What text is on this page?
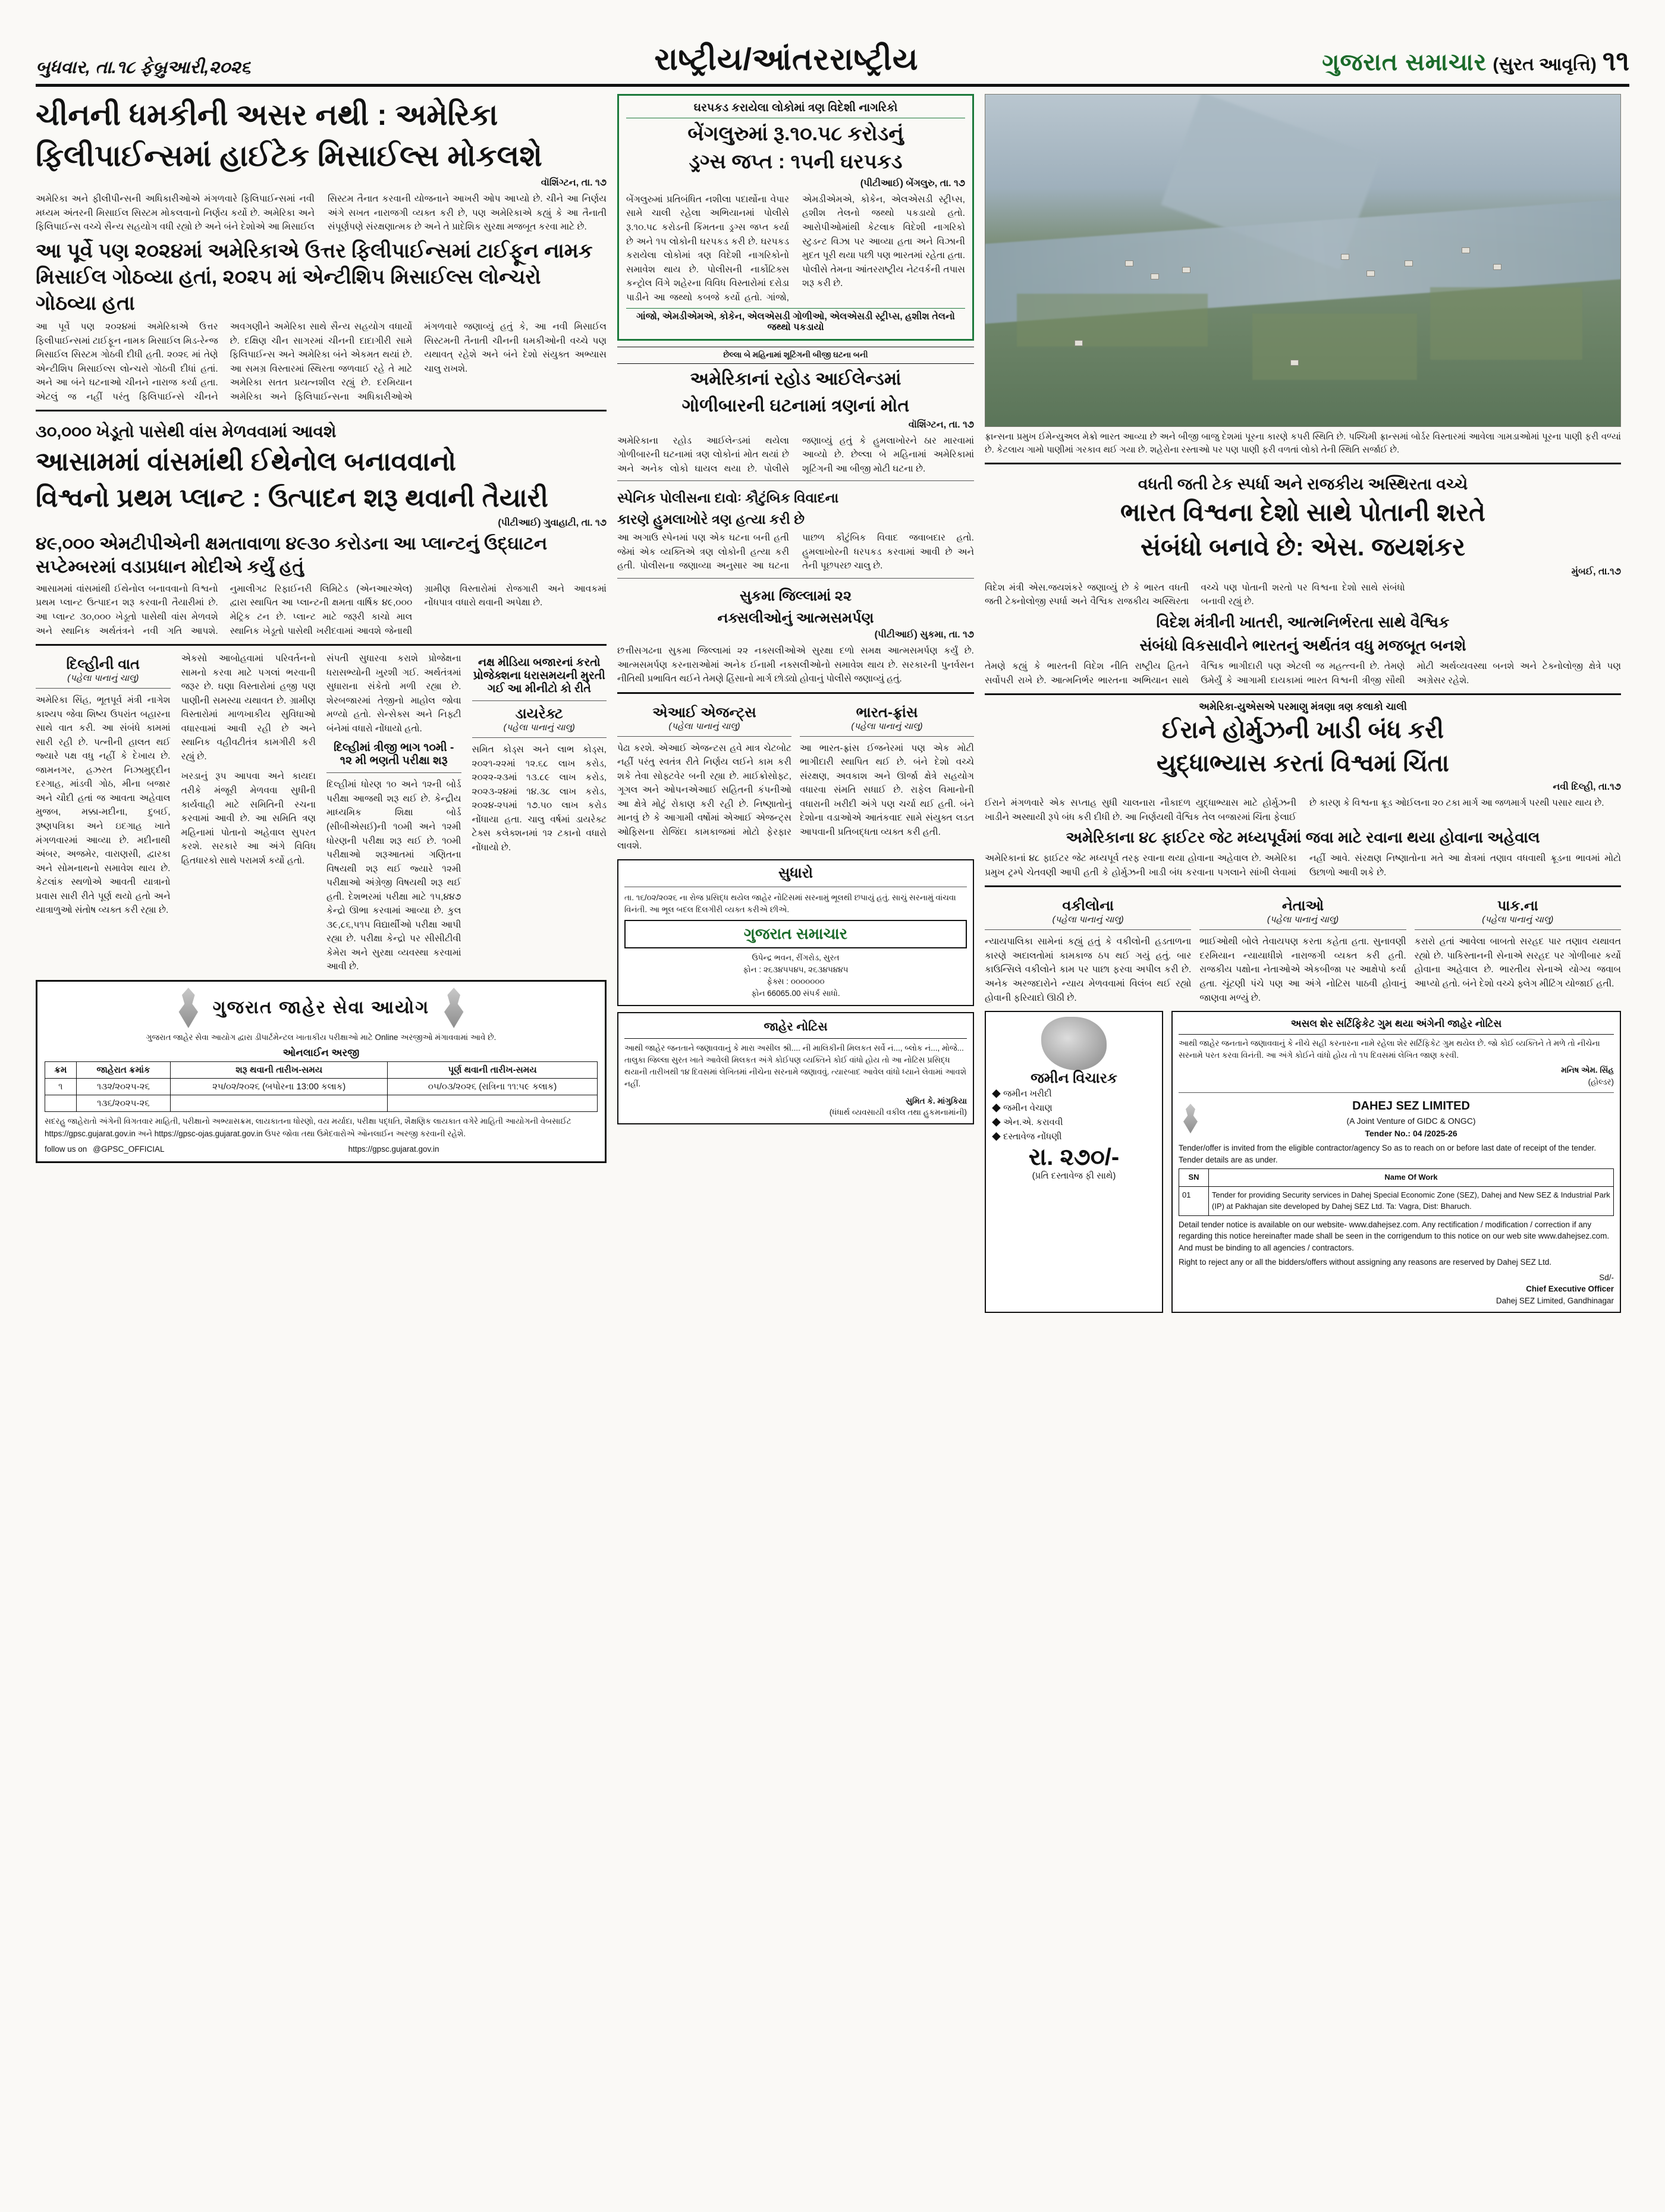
બુધવાર, તા.૧૮ ફેબ્રુઆરી,૨૦૨૬	રાષ્ટ્રીય/આંતરરાષ્ટ્રીય	ગુજરાત સમાચાર (સુરત આવૃત્તિ) ૧૧
ચીનની ધમકીની અસર નથી : અમેરિકા
ફિલીપાઈન્સમાં હાઈટેક મિસાઈલ્સ મોકલશે
વૉશિંગ્ટન, તા. ૧૭
અમેરિકા અને ફીલીપીન્સની અધિકારીઓએ મંગળવારે ફિલિપાઈન્સમાં નવી મધ્યમ અંતરની મિસાઈલ સિસ્ટમ મોકલવાનો નિર્ણય કર્યો છે. અમેરિકા અને ફિલિપાઈન્સ વચ્ચે સૈન્ય સહયોગ વધી રહ્યો છે અને બંને દેશોએ આ મિસાઈલ સિસ્ટમ તૈનાત કરવાની યોજનાને આખરી ઓપ આપ્યો છે. ચીને આ નિર્ણય અંગે સખત નારાજગી વ્યક્ત કરી છે, પણ અમેરિકાએ કહ્યું કે આ તૈનાતી સંપૂર્ણપણે સંરક્ષણાત્મક છે અને તે પ્રાદેશિક સુરક્ષા મજબૂત કરવા માટે છે.
આ પૂર્વે પણ ૨૦૨૪માં અમેરિકાએ ઉત્તર ફિલીપાઈન્સમાં ટાઈફૂન નામક મિસાઈલ ગોઠવ્યા હતાં, ૨૦૨૫ માં એન્ટીશિપ મિસાઈલ્સ લોન્ચરો ગોઠવ્યા હતા
આ પૂર્વે પણ ૨૦૨૪માં અમેરિકાએ ઉત્તર ફિલીપાઈન્સમાં ટાઈફૂન નામક મિસાઈલ મિડ-રેન્જ મિસાઈલ સિસ્ટમ ગોઠવી દીધી હતી. ૨૦૨૬ માં તેણે એન્ટીશિપ મિસાઈલ્સ લોન્ચરો ગોઠવી દીધાં હતાં. અને આ બંને ઘટનાઓ ચીનને નારાજ કર્યા હતા. એટલું જ નહીં પરંતુ ફિલિપાઈન્સે ચીનને અવગણીને અમેરિકા સાથે સૈન્ય સહયોગ વધાર્યો છે. દક્ષિણ ચીન સાગરમાં ચીનની દાદાગીરી સામે ફિલિપાઈન્સ અને અમેરિકા બંને એકમત થયાં છે. આ સમગ્ર વિસ્તારમાં સ્થિરતા જળવાઈ રહે તે માટે અમેરિકા સતત પ્રયત્નશીલ રહ્યું છે. દરમિયાન અમેરિકા અને ફિલિપાઈન્સના અધિકારીઓએ મંગળવારે જણાવ્યું હતું કે, આ નવી મિસાઈલ સિસ્ટમની તૈનાતી ચીનની ધમકીઓની વચ્ચે પણ યથાવત્ રહેશે અને બંને દેશો સંયુક્ત અભ્યાસ ચાલુ રાખશે.
૩૦,૦૦૦ ખેડૂતો પાસેથી વાંસ મેળવવામાં આવશે
આસામમાં વાંસમાંથી ઈથેનોલ બનાવવાનો
વિશ્વનો પ્રથમ પ્લાન્ટ : ઉત્પાદન શરૂ થવાની તૈયારી
(પીટીઆઈ) ગુવાહાટી, તા. ૧૭
૪૯,૦૦૦ એમટીપીએની ક્ષમતાવાળા ૪૯૩૦ કરોડના આ પ્લાન્ટનું ઉદ્ઘાટન સપ્ટેમ્બરમાં વડાપ્રધાન મોદીએ કર્યું હતું
આસામમાં વાંસમાંથી ઈથેનોલ બનાવવાનો વિશ્વનો પ્રથમ પ્લાન્ટ ઉત્પાદન શરૂ કરવાની તૈયારીમાં છે. આ પ્લાન્ટ ૩૦,૦૦૦ ખેડૂતો પાસેથી વાંસ મેળવશે અને સ્થાનિક અર્થતંત્રને નવી ગતિ આપશે. નુમાલીગઢ રિફાઈનરી લિમિટેડ (એનઆરએલ) દ્વારા સ્થાપિત આ પ્લાન્ટની ક્ષમતા વાર્ષિક ૪૯,૦૦૦ મેટ્રિક ટન છે. પ્લાન્ટ માટે જરૂરી કાચો માલ સ્થાનિક ખેડૂતો પાસેથી ખરીદવામાં આવશે જેનાથી ગ્રામીણ વિસ્તારોમાં રોજગારી અને આવકમાં નોંધપાત્ર વધારો થવાની અપેક્ષા છે.
દિલ્હીની વાત
(પહેલા પાનાનું ચાલુ)
અમેરિકા સિંહ, ભૂતપૂર્વ મંત્રી નાગેશ કાશ્યપ જેવા શિષ્ય ઉપરાંત બહારના સાથે વાત કરી. આ સંબંધે કામમાં સારી રહી છે. પત્નીની હાલત થઈ જ્યારે પક્ષ વધુ નહીં કે દેખાય છે. જામનગર, હઝરત નિઝામુદ્દીન દરગાહ, માંડવી ગોઠ, મીના બજાર અને ચૌદી હતાં જ આવતા અહેવાલ મુજબ, મક્કા-મદીના, દુબઈ, રૂષ્ણપત્રિકા અને ઇદગાહ ખાતે મંગળવારમાં આવ્યા છે. મદીનાથી અંબર, અજમેર, વારાણસી, દ્વારકા અને સોમનાથનો સમાવેશ થાય છે. કેટલાંક સ્થળોએ આવતી યાત્રાનો પ્રવાસ સારી રીતે પૂર્ણ થયો હતો અને યાત્રાળુઓ સંતોષ વ્યક્ત કરી રહ્યા છે.
એકસો આબોહવામાં પરિવર્તનનો સામનો કરવા માટે પગલાં ભરવાની જરૂર છે. ઘણા વિસ્તારોમાં હજી પણ પાણીની સમસ્યા યથાવત છે. ગ્રામીણ વિસ્તારોમાં માળખાકીય સુવિધાઓ વધારવામાં આવી રહી છે અને સ્થાનિક વહીવટીતંત્ર કામગીરી કરી રહ્યું છે.
ખરડાનું રૂપ આપવા અને કાયદા તરીકે મંજૂરી મેળવવા સુધીની કાર્યવાહી માટે સમિતિની રચના કરવામાં આવી છે. આ સમિતિ ત્રણ મહિનામાં પોતાનો અહેવાલ સુપરત કરશે. સરકારે આ અંગે વિવિધ હિતધારકો સાથે પરામર્શ કર્યો હતો.
સંપતી સુધારવા કરાશે પ્રોજેક્ષના ધરાસભ્યોની ખુરશી ગઈ. અર્થતંત્રમાં સુધારાના સંકેતો મળી રહ્યા છે. શેરબજારમાં તેજીનો માહોલ જોવા મળ્યો હતો. સેન્સેક્સ અને નિફ્ટી બંનેમાં વધારો નોંધાયો હતો.
દિલ્હીમાં ત્રીજી ભાગ ૧૦મી - ૧૨ મી ભણતી પરીક્ષા શરૂ
દિલ્હીમાં ધોરણ ૧૦ અને ૧૨ની બોર્ડ પરીક્ષા આજથી શરૂ થઈ છે. કેન્દ્રીય માધ્યમિક શિક્ષા બોર્ડ (સીબીએસઈ)ની ૧૦મી અને ૧૨મી ધોરણની પરીક્ષા શરૂ થઈ છે. ૧૦મી પરીક્ષાઓ શરૂઆતમાં ગણિતના વિષયથી શરૂ થઈ જ્યારે ૧૨મી પરીક્ષાઓ અંગ્રેજી વિષયથી શરૂ થઈ હતી. દેશભરમાં પરીક્ષા માટે ૧૫,૪૪૭ કેન્દ્રો ઊભા કરવામાં આવ્યા છે. કુલ ૩૯,૮૬,૫૧૫ વિદ્યાર્થીઓ પરીક્ષા આપી રહ્યા છે. પરીક્ષા કેન્દ્રો પર સીસીટીવી કેમેરા અને સુરક્ષા વ્યવસ્થા કરવામાં આવી છે.
નક્ષ મીડિયા બજારનાં કરતો પ્રોજેક્શના ધરાસમયની મુરતી ગઈ આ મીનીટો કો રીતે
ડાયરેક્ટ
(પહેલા પાનાનું ચાલુ)
સમિત કોડ્સ અને લાભ કોડ્સ, ૨૦૨૧-૨૨માં ૧૨.૬૮ લાખ કરોડ, ૨૦૨૨-૨૩માં ૧૩.૮૯ લાખ કરોડ, ૨૦૨૩-૨૪માં ૧૪.૩૮ લાખ કરોડ, ૨૦૨૪-૨૫માં ૧૭.૫૦ લાખ કરોડ નોંધાયા હતા. ચાલુ વર્ષમાં ડાયરેક્ટ ટેક્સ કલેક્શનમાં ૧૨ ટકાનો વધારો નોંધાયો છે.
ગુજરાત જાહેર સેવા આયોગ
ગુજરાત જાહેર સેવા આયોગ દ્વારા ડીપાર્ટમેન્ટલ ખાતાકીય પરીક્ષાઓ માટે Online અરજીઓ મંગાવવામાં આવે છે.
ઓનલાઈન અરજી
ક્રમ	જાહેરાત ક્રમાંક	શરૂ થવાની તારીખ-સમય	પૂર્ણ થવાની તારીખ-સમય
૧	૧૩૨/૨૦૨૫-૨૬	૨૫/૦૨/૨૦૨૬ (બપોરના 13:00 કલાક)	૦૫/૦૩/૨૦૨૬ (રાત્રિના ૧૧:૫૯ કલાક)
	૧૩૬/૨૦૨૫-૨૬		
સદરહુ જાહેરાતો અંગેની વિગતવાર માહિતી, પરીક્ષાનો અભ્યાસક્રમ, લાયકાતના ધોરણો, વય મર્યાદા, પરીક્ષા પદ્ધતિ, શૈક્ષણિક લાયકાત વગેરે માહિતી આયોગની વેબસાઈટ https://gpsc.gujarat.gov.in અને https://gpsc-ojas.gujarat.gov.in ઉપર જોવા તથા ઉમેદવારોએ ઓનલાઈન અરજી કરવાની રહેશે.
follow us on @GPSC_OFFICIAL	https://gpsc.gujarat.gov.in
ઘરપકડ કરાયેલા લોકોમાં ત્રણ વિદેશી નાગરિકો
બેંગલુરુમાં રૂ.૧૦.૫૮ કરોડનું
ડ્રગ્સ જપ્ત : ૧૫ની ઘરપકડ
(પીટીઆઈ) બેંગલુરુ, તા. ૧૭
બેંગલુરુમાં પ્રતિબંધિત નશીલા પદાર્થોના વેપાર સામે ચાલી રહેલા અભિયાનમાં પોલીસે રૂ.૧૦.૫૮ કરોડની કિંમતના ડ્રગ્સ જપ્ત કર્યા છે અને ૧૫ લોકોની ઘરપકડ કરી છે. ઘરપકડ કરાયેલા લોકોમાં ત્રણ વિદેશી નાગરિકોનો સમાવેશ થાય છે. પોલીસની નાર્કોટિક્સ કન્ટ્રોલ વિંગે શહેરના વિવિધ વિસ્તારોમાં દરોડા પાડીને આ જથ્થો કબજે કર્યો હતો. ગાંજો, એમડીએમએ, કોકેન, એલએસડી સ્ટ્રીપ્સ, હશીશ તેલનો જથ્થો પકડાયો હતો. આરોપીઓમાંથી કેટલાક વિદેશી નાગરિકો સ્ટુડન્ટ વિઝા પર આવ્યા હતા અને વિઝાની મુદત પૂરી થયા પછી પણ ભારતમાં રહેતા હતા. પોલીસે તેમના આંતરરાષ્ટ્રીય નેટવર્કની તપાસ શરૂ કરી છે.
ગાંજો, એમડીએમએ, કોકેન, એલએસડી ગોળીઓ, એલએસડી સ્ટ્રીપ્સ, હશીશ તેલનો જથ્થો પકડાયો
છેલ્લા બે મહિનામાં શૂટિંગની બીજી ઘટના બની
અમેરિકાનાં રહોડ આઈલેન્ડમાં
ગોળીબારની ઘટનામાં ત્રણનાં મોત
વૉશિંગ્ટન, તા. ૧૭
અમેરિકાના રહોડ આઈલેન્ડમાં થયેલા ગોળીબારની ઘટનામાં ત્રણ લોકોનાં મોત થયાં છે અને અનેક લોકો ઘાયલ થયા છે. પોલીસે જણાવ્યું હતું કે હુમલાખોરને ઠાર મારવામાં આવ્યો છે. છેલ્લા બે મહિનામાં અમેરિકામાં શૂટિંગની આ બીજી મોટી ઘટના છે.
સ્પેનિક પોલીસના દાવોઃ કૌટુંબિક વિવાદના
કારણે હુમલાખોરે ત્રણ હત્યા કરી છે
આ અગાઉ સ્પેનમાં પણ એક ઘટના બની હતી જેમાં એક વ્યક્તિએ ત્રણ લોકોની હત્યા કરી હતી. પોલીસના જણાવ્યા અનુસાર આ ઘટના પાછળ કૌટુંબિક વિવાદ જવાબદાર હતો. હુમલાખોરની ધરપકડ કરવામાં આવી છે અને તેની પૂછપરછ ચાલુ છે.
સુકમા જિલ્લામાં ૨૨
નક્સલીઓનું આત્મસમર્પણ
(પીટીઆઈ) સુકમા, તા. ૧૭
છત્તીસગઢના સુકમા જિલ્લામાં ૨૨ નક્સલીઓએ સુરક્ષા દળો સમક્ષ આત્મસમર્પણ કર્યું છે. આત્મસમર્પણ કરનારાઓમાં અનેક ઈનામી નક્સલીઓનો સમાવેશ થાય છે. સરકારની પુનર્વસન નીતિથી પ્રભાવિત થઈને તેમણે હિંસાનો માર્ગ છોડ્યો હોવાનું પોલીસે જણાવ્યું હતું.
એઆઈ એજન્ટ્સ
(પહેલા પાનાનું ચાલુ)
પેઢા કરશે. એઆઈ એજન્ટસ હવે માત્ર ચેટબોટ નહીં પરંતુ સ્વતંત્ર રીતે નિર્ણય લઈને કામ કરી શકે તેવા સોફ્ટવેર બની રહ્યા છે. માઈક્રોસોફ્ટ, ગૂગલ અને ઓપનએઆઈ સહિતની કંપનીઓ આ ક્ષેત્રે મોટું રોકાણ કરી રહી છે. નિષ્ણાતોનું માનવું છે કે આગામી વર્ષોમાં એઆઈ એજન્ટ્સ ઓફિસના રોજિંદા કામકાજમાં મોટો ફેરફાર લાવશે.
ભારત-ફ્રાંસ
(પહેલા પાનાનું ચાલુ)
આ ભારત-ફ્રાંસ ઈજનેરમાં પણ એક મોટી ભાગીદારી સ્થાપિત થઈ છે. બંને દેશો વચ્ચે સંરક્ષણ, અવકાશ અને ઊર્જા ક્ષેત્રે સહયોગ વધારવા સંમતિ સધાઈ છે. રાફેલ વિમાનોની વધારાની ખરીદી અંગે પણ ચર્ચા થઈ હતી. બંને દેશોના વડાઓએ આતંકવાદ સામે સંયુક્ત લડત આપવાની પ્રતિબદ્ધતા વ્યક્ત કરી હતી.
સુધારો
તા. ૧૬/૦૨/૨૦૨૬ ના રોજ પ્રસિદ્ધ થયેલ જાહેર નોટિસમાં સરનામું ભૂલથી છપાયું હતું. સાચું સરનામું વાંચવા વિનંતી. આ ભૂલ બદલ દિલગીરી વ્યક્ત કરીએ છીએ.
ગુજરાત સમાચાર
ઉપેન્દ્ર ભવન, રીંગરોડ, સુરત
ફોન : ૨૬૩૪૫૫૪૫, ૨૬૩૪૫૪૪૫
ફેક્સ : ૦૦૦૦૦૦૦
ફોન 66065.00 સંપર્ક સાધો.
જાહેર નોટિસ
આથી જાહેર જનતાને જણાવવાનું કે મારા અસીલ શ્રી.... ની માલિકીની મિલકત સર્વે નં..., બ્લોક નં..., મોજે... તાલુકા જિલ્લા સુરત ખાતે આવેલી મિલકત અંગે કોઈપણ વ્યક્તિને કોઈ વાંધો હોય તો આ નોટિસ પ્રસિદ્ધ થયાની તારીખથી ૧૪ દિવસમાં લેખિતમાં નીચેના સરનામે જણાવવું. ત્યારબાદ આવેલ વાંધો ધ્યાને લેવામાં આવશે નહીં.
સુમિત કે. માંગુકિયા
(ધંધાર્થ વ્યવસાયી વકીલ તથા હુકમનામાંની)
ફ્રાન્સના પ્રમુખ ઈમેન્યુઅલ મેક્રો ભારત આવ્યા છે અને બીજી બાજુ દેશમાં પૂરના કારણે કપરી સ્થિતિ છે. પશ્ચિમી ફ્રાન્સમાં બોર્ડર વિસ્તારમાં આવેલા ગામડાઓમાં પૂરના પાણી ફરી વળ્યાં છે. કેટલાય ગામો પાણીમાં ગરકાવ થઈ ગયા છે. શહેરોના રસ્તાઓ પર પણ પાણી ફરી વળતાં લોકો તેની સ્થિતિ સર્જાઈ છે.
વધતી જતી ટેક સ્પર્ધા અને રાજકીય અસ્થિરતા વચ્ચે
ભારત વિશ્વના દેશો સાથે પોતાની શરતે
સંબંધો બનાવે છે: એસ. જયશંકર
મુંબઈ, તા.૧૭
વિદેશ મંત્રી એસ.જયશંકરે જણાવ્યું છે કે ભારત વધતી જતી ટેક્નોલોજી સ્પર્ધા અને વૈશ્વિક રાજકીય અસ્થિરતા વચ્ચે પણ પોતાની શરતો પર વિશ્વના દેશો સાથે સંબંધો બનાવી રહ્યું છે.
વિદેશ મંત્રીની ખાતરી, આત્મનિર્ભરતા સાથે વૈશ્વિક
સંબંધો વિકસાવીને ભારતનું અર્થતંત્ર વધુ મજબૂત બનશે
તેમણે કહ્યું કે ભારતની વિદેશ નીતિ રાષ્ટ્રીય હિતને સર્વોપરી રાખે છે. આત્મનિર્ભર ભારતના અભિયાન સાથે વૈશ્વિક ભાગીદારી પણ એટલી જ મહત્ત્વની છે. તેમણે ઉમેર્યું કે આગામી દાયકામાં ભારત વિશ્વની ત્રીજી સૌથી મોટી અર્થવ્યવસ્થા બનશે અને ટેક્નોલોજી ક્ષેત્રે પણ અગ્રેસર રહેશે.
અમેરિકા-યુએસએ પરમાણુ મંત્રણા ત્રણ કલાકો ચાલી
ઈરાને હોર્મુઝની ખાડી બંધ કરી
યુદ્ધાભ્યાસ કરતાં વિશ્વમાં ચિંતા
નવી દિલ્હી, તા.૧૭
ઈરાને મંગળવારે એક સપ્તાહ સુધી ચાલનારા નૌકાદળ યુદ્ધાભ્યાસ માટે હોર્મુઝની ખાડીને અસ્થાયી રૂપે બંધ કરી દીધી છે. આ નિર્ણયથી વૈશ્વિક તેલ બજારમાં ચિંતા ફેલાઈ છે કારણ કે વિશ્વના ક્રૂડ ઓઈલના ૨૦ ટકા માર્ગ આ જળમાર્ગ પરથી પસાર થાય છે.
અમેરિકાના ૪૮ ફાઈટર જેટ મધ્યપૂર્વમાં જવા માટે રવાના થયા હોવાના અહેવાલ
અમેરિકાનાં ૪૮ ફાઈટર જેટ મધ્યપૂર્વ તરફ રવાના થયા હોવાના અહેવાલ છે. અમેરિકા પ્રમુખ ટ્રમ્પે ચેતવણી આપી હતી કે હોર્મુઝની ખાડી બંધ કરવાના પગલાને સાંખી લેવામાં નહીં આવે. સંરક્ષણ નિષ્ણાતોના મતે આ ક્ષેત્રમાં તણાવ વધવાથી ક્રૂડના ભાવમાં મોટો ઉછાળો આવી શકે છે.
વકીલોના
(પહેલા પાનાનું ચાલુ)
ન્યાયપાલિકા સામેનાં કહ્યું હતું કે વકીલોની હડતાળના કારણે અદાલતોમાં કામકાજ ઠપ થઈ ગયું હતું. બાર કાઉન્સિલે વકીલોને કામ પર પાછા ફરવા અપીલ કરી છે. અનેક અરજદારોને ન્યાય મેળવવામાં વિલંબ થઈ રહ્યો હોવાની ફરિયાદો ઊઠી છે.
નેતાઓ
(પહેલા પાનાનું ચાલુ)
ભાઈઓથી બોલે તેવાયપણ કરતા કહેતા હતા. સુનાવણી દરમિયાન ન્યાયાધીશે નારાજગી વ્યક્ત કરી હતી. રાજકીય પક્ષોના નેતાઓએ એકબીજા પર આક્ષેપો કર્યા હતા. ચૂંટણી પંચે પણ આ અંગે નોટિસ પાઠવી હોવાનું જાણવા મળ્યું છે.
પાક.ના
(પહેલા પાનાનું ચાલુ)
કરારો હતાં આવેલા બાબતો સરહદ પાર તણાવ યથાવત રહ્યો છે. પાકિસ્તાનની સેનાએ સરહદ પર ગોળીબાર કર્યો હોવાના અહેવાલ છે. ભારતીય સેનાએ યોગ્ય જવાબ આપ્યો હતો. બંને દેશો વચ્ચે ફ્લેગ મીટિંગ યોજાઈ હતી.
જમીન વિચારક
◆ જમીન ખરીદી
◆ જમીન વેચાણ
◆ એન.એ. કરાવવી
◆ દસ્તાવેજ નોંધણી
રા. ૨૭૦/-
(પ્રતિ દસ્તાવેજ ફી સાથે)
અસલ શેર સર્ટિફિકેટ ગુમ થયા અંગેની જાહેર નોટિસ
આથી જાહેર જનતાને જણાવવાનું કે નીચે સહી કરનારના નામે રહેલા શેર સર્ટિફિકેટ ગુમ થયેલ છે. જો કોઈ વ્યક્તિને તે મળે તો નીચેના સરનામે પરત કરવા વિનંતી. આ અંગે કોઈને વાંધો હોય તો ૧૫ દિવસમાં લેખિત જાણ કરવી.
મનિષ એમ. સિંહ
(હોલ્ડર)
DAHEJ SEZ LIMITED
(A Joint Venture of GIDC & ONGC)
Tender No.: 04 /2025-26
Tender/offer is invited from the eligible contractor/agency So as to reach on or before last date of receipt of the tender. Tender details are as under.
SN	Name Of Work
01	Tender for providing Security services in Dahej Special Economic Zone (SEZ), Dahej and New SEZ & Industrial Park (IP) at Pakhajan site developed by Dahej SEZ Ltd. Ta: Vagra, Dist: Bharuch.
Detail tender notice is available on our website- www.dahejsez.com. Any rectification / modification / correction if any regarding this notice hereinafter made shall be seen in the corrigendum to this notice on our web site www.dahejsez.com. And must be binding to all agencies / contractors.
Right to reject any or all the bidders/offers without assigning any reasons are reserved by Dahej SEZ Ltd.
Sd/-
Chief Executive Officer
Dahej SEZ Limited, Gandhinagar
